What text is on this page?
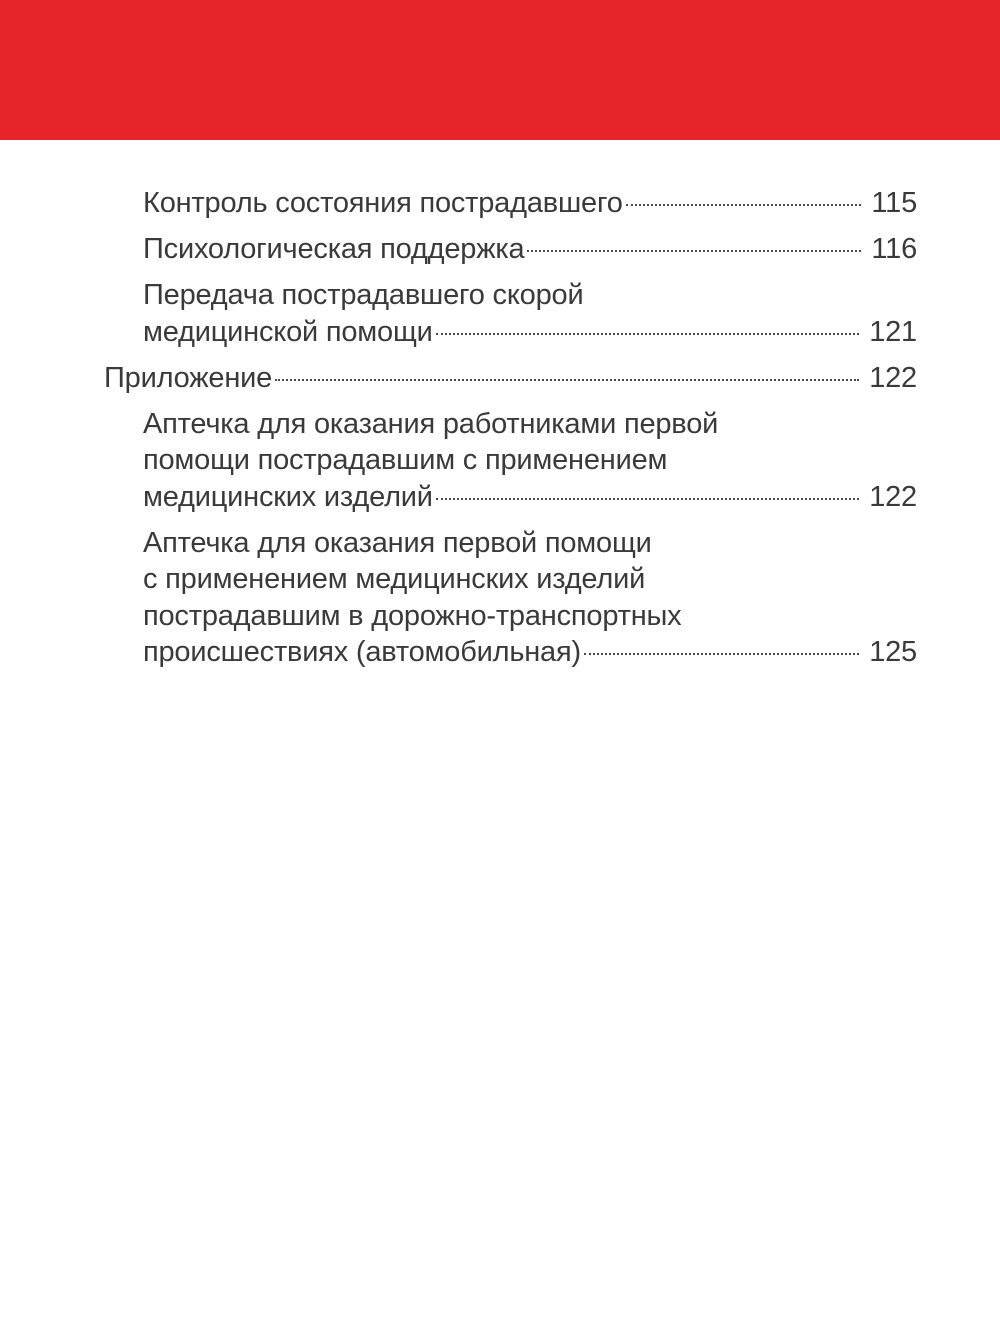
Контроль состояния пострадавшего	115
Психологическая поддержка	116
Передача пострадавшего скорой
медицинской помощи	121
Приложение	122
Аптечка для оказания работниками первой
помощи пострадавшим с применением
медицинских изделий	122
Аптечка для оказания первой помощи
с применением медицинских изделий
пострадавшим в дорожно-транспортных
происшествиях (автомобильная)	125
